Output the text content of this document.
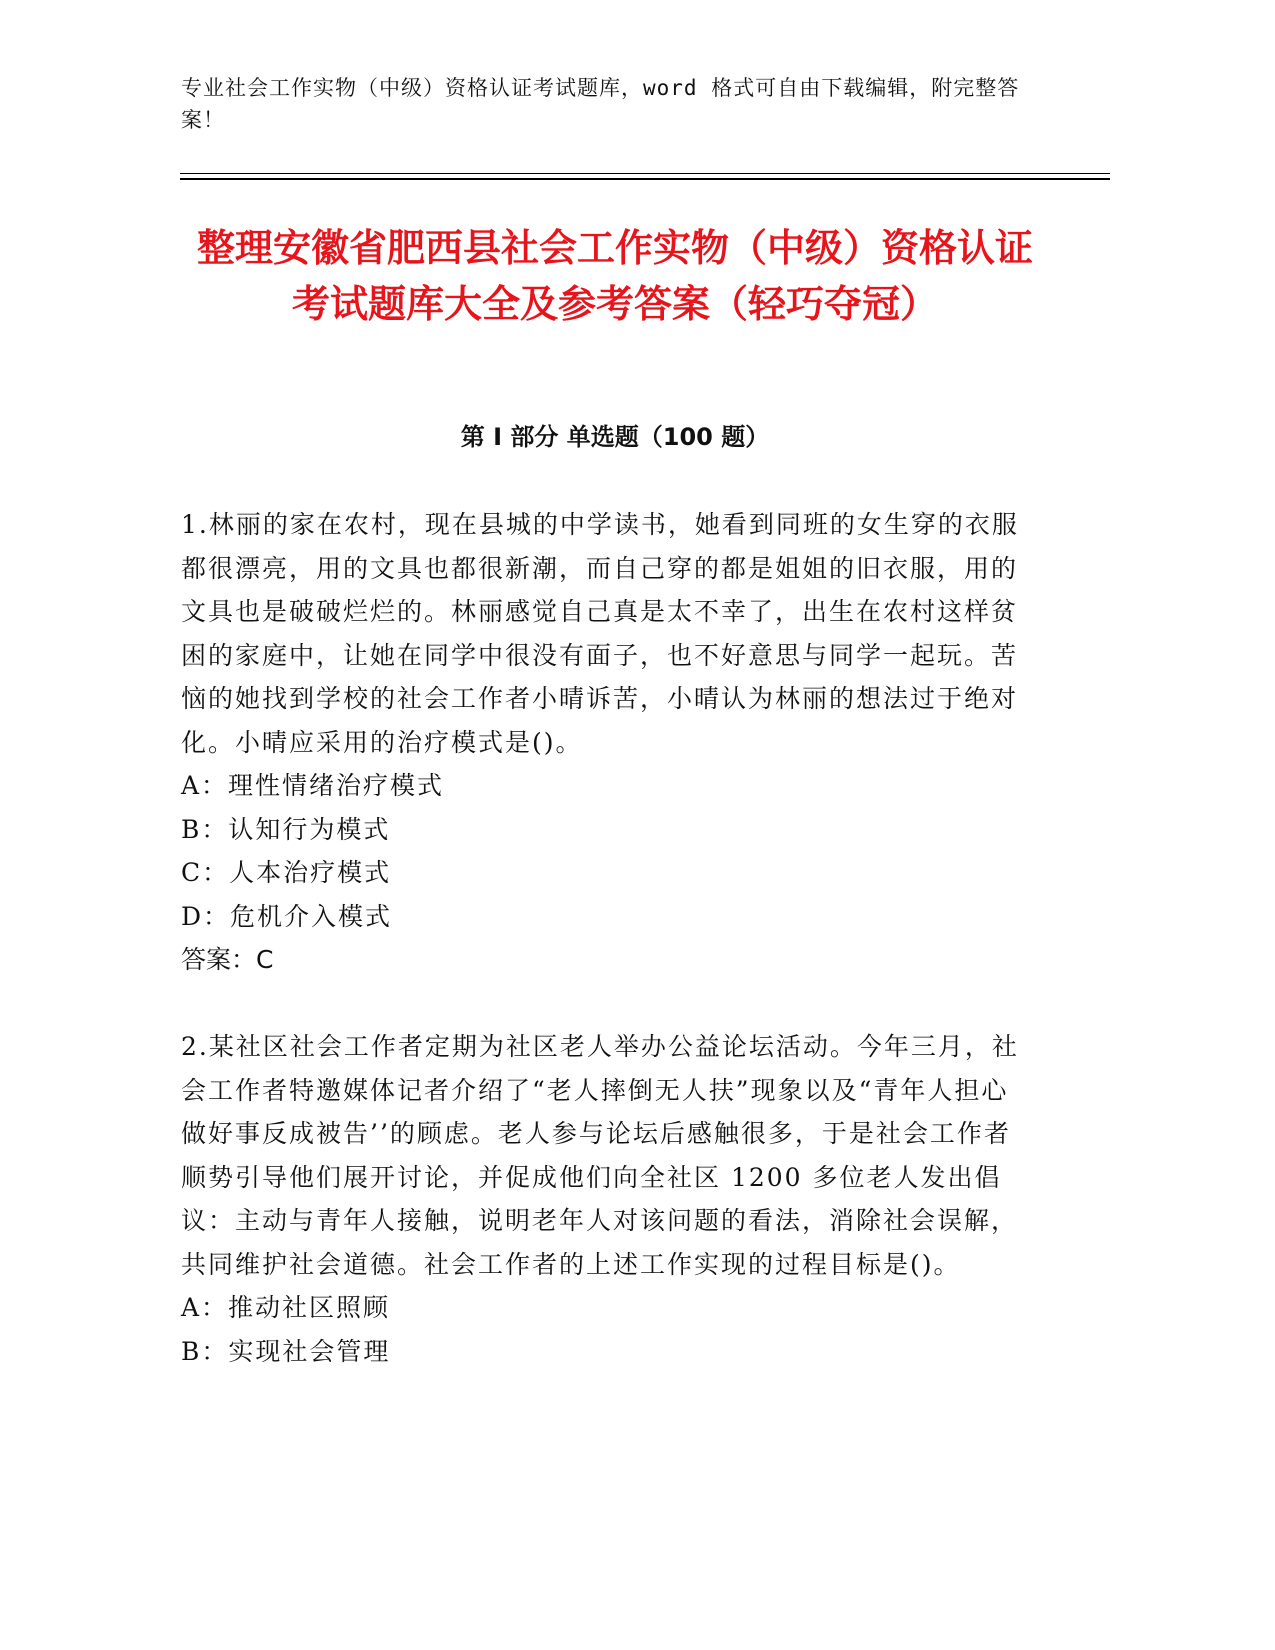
专业社会工作实物（中级）资格认证考试题库，word 格式可自由下载编辑，附完整答案！
整理安徽省肥西县社会工作实物（中级）资格认证考试题库大全及参考答案（轻巧夺冠）
第 I 部分 单选题（100 题）

1.林丽的家在农村，现在县城的中学读书，她看到同班的女生穿的衣服都很漂亮，用的文具也都很新潮，而自己穿的都是姐姐的旧衣服，用的文具也是破破烂烂的。林丽感觉自己真是太不幸了，出生在农村这样贫困的家庭中，让她在同学中很没有面子，也不好意思与同学一起玩。苦恼的她找到学校的社会工作者小晴诉苦，小晴认为林丽的想法过于绝对化。小晴应采用的治疗模式是()。

A：理性情绪治疗模式

B：认知行为模式

C：人本治疗模式

D：危机介入模式

答案：C

2.某社区社会工作者定期为社区老人举办公益论坛活动。今年三月，社会工作者特邀媒体记者介绍了“老人摔倒无人扶”现象以及“青年人担心做好事反成被告’’的顾虑。老人参与论坛后感触很多，于是社会工作者顺势引导他们展开讨论，并促成他们向全社区 1200 多位老人发出倡议：主动与青年人接触，说明老年人对该问题的看法，消除社会误解，共同维护社会道德。社会工作者的上述工作实现的过程目标是()。

A：推动社区照顾

B：实现社会管理
